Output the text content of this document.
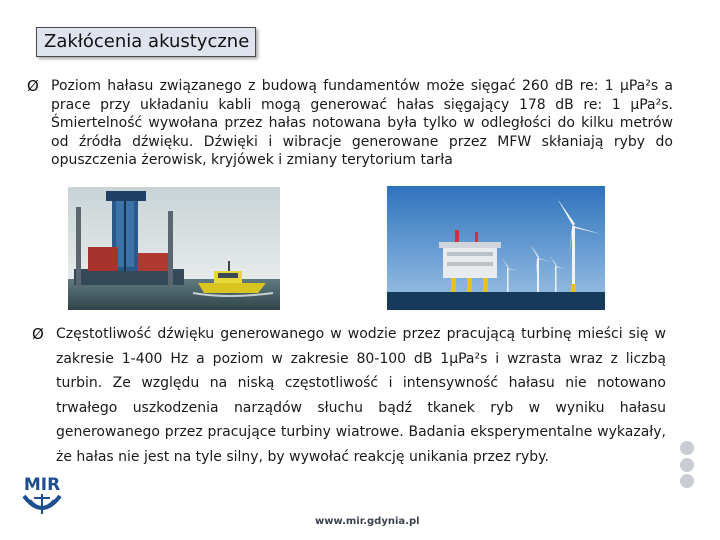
Zakłócenia akustyczne
Ø Poziom hałasu związanego z budową fundamentów może sięgać 260 dB re: 1 µPa²s a prace przy układaniu kabli mogą generować hałas sięgający 178 dB re: 1 µPa²s. Śmiertelność wywołana przez hałas notowana była tylko w odległości do kilku metrów od źródła dźwięku. Dźwięki i wibracje generowane przez MFW skłaniają ryby do opuszczenia żerowisk, kryjówek i zmiany terytorium tarła
Ø Częstotliwość dźwięku generowanego w wodzie przez pracującą turbinę mieści się w zakresie 1-400 Hz a poziom w zakresie 80-100 dB 1µPa²s i wzrasta wraz z liczbą turbin. Ze względu na niską częstotliwość i intensywność hałasu nie notowano trwałego uszkodzenia narządów słuchu bądź tkanek ryb w wyniku hałasu generowanego przez pracujące turbiny wiatrowe. Badania eksperymentalne wykazały, że hałas nie jest na tyle silny, by wywołać reakcję unikania przez ryby.
MIR
www.mir.gdynia.pl
